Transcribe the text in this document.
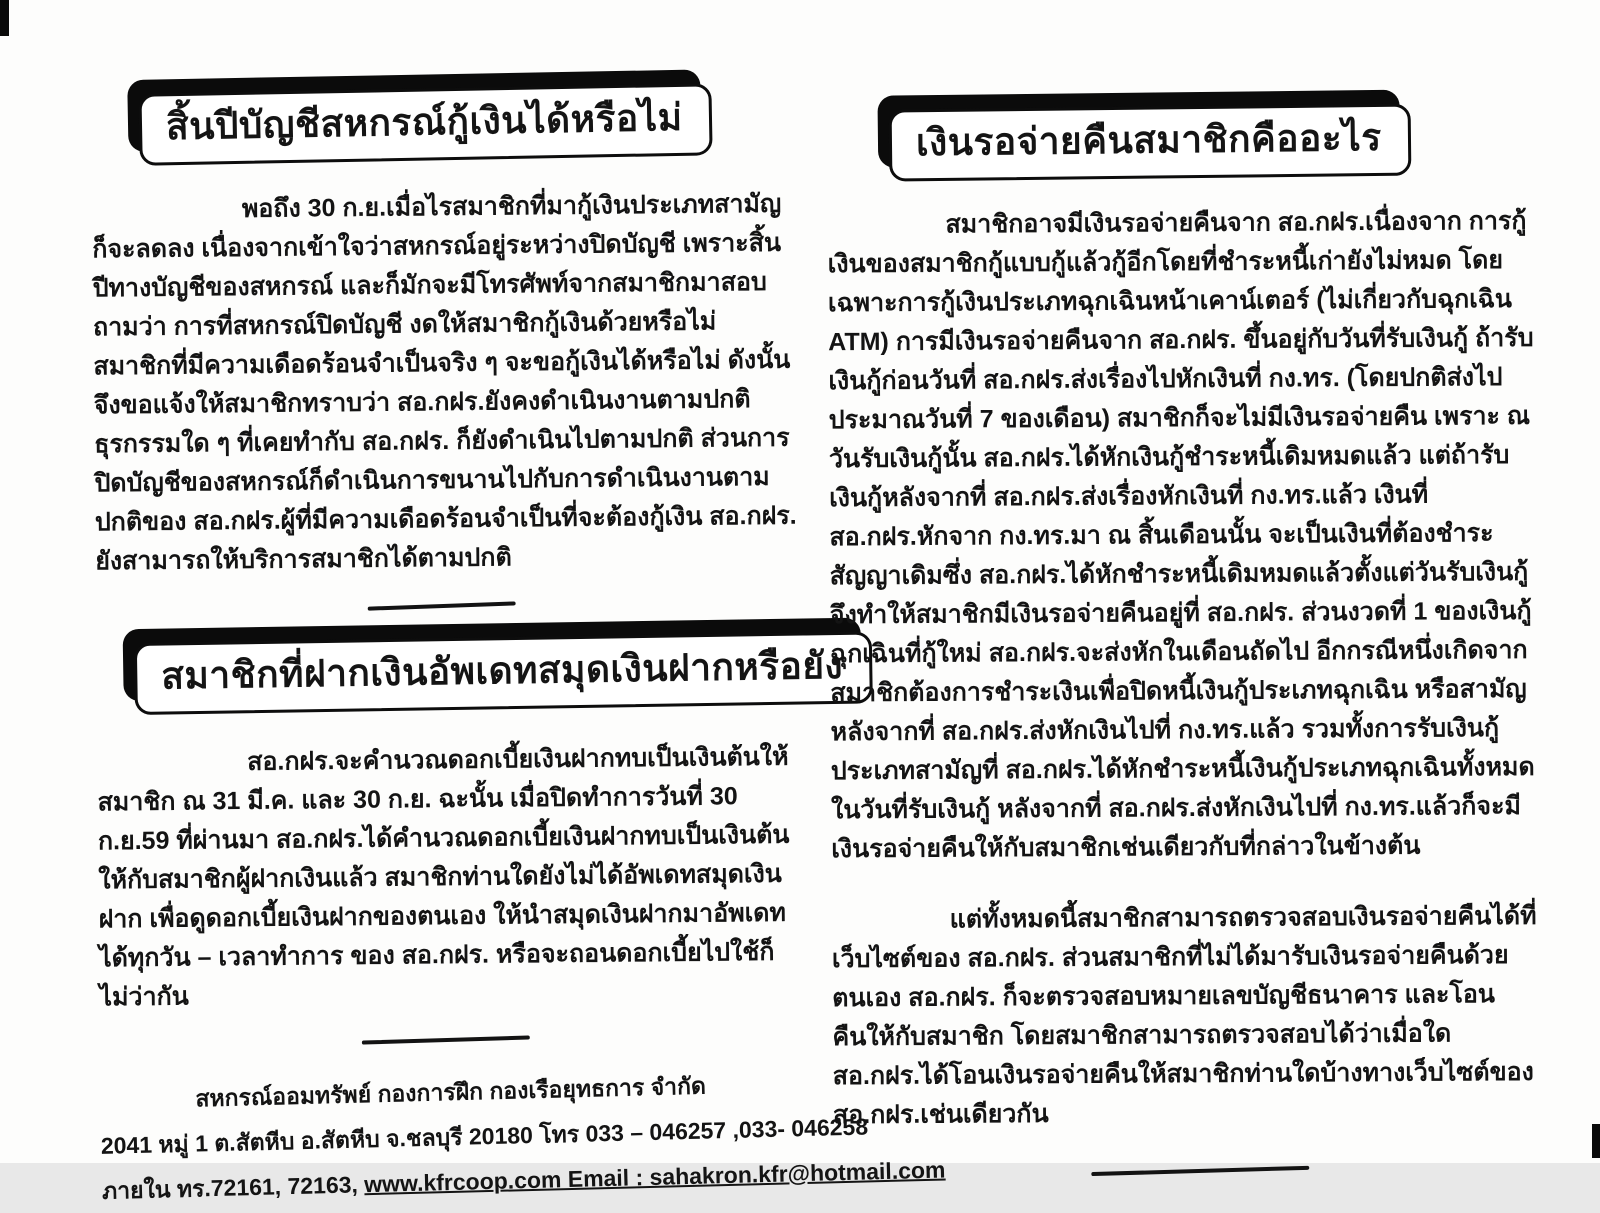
สิ้นปีบัญชีสหกรณ์กู้เงินได้หรือไม่

พอถึง 30 ก.ย.เมื่อไรสมาชิกที่มากู้เงินประเภทสามัญก็จะลดลง เนื่องจากเข้าใจว่าสหกรณ์อยู่ระหว่างปิดบัญชี เพราะสิ้นปีทางบัญชีของสหกรณ์ และก็มักจะมีโทรศัพท์จากสมาชิกมาสอบถามว่า การที่สหกรณ์ปิดบัญชี งดให้สมาชิกกู้เงินด้วยหรือไม่ สมาชิกที่มีความเดือดร้อนจำเป็นจริง ๆ จะขอกู้เงินได้หรือไม่ ดังนั้นจึงขอแจ้งให้สมาชิกทราบว่า สอ.กฝร.ยังคงดำเนินงานตามปกติ ธุรกรรมใด ๆ ที่เคยทำกับ สอ.กฝร. ก็ยังดำเนินไปตามปกติ ส่วนการปิดบัญชีของสหกรณ์ก็ดำเนินการขนานไปกับการดำเนินงานตามปกติของ สอ.กฝร.ผู้ที่มีความเดือดร้อนจำเป็นที่จะต้องกู้เงิน สอ.กฝร. ยังสามารถให้บริการสมาชิกได้ตามปกติ

สมาชิกที่ฝากเงินอัพเดทสมุดเงินฝากหรือยัง

สอ.กฝร.จะคำนวณดอกเบี้ยเงินฝากทบเป็นเงินต้นให้สมาชิก ณ 31 มี.ค. และ 30 ก.ย. ฉะนั้น เมื่อปิดทำการวันที่ 30 ก.ย.59 ที่ผ่านมา สอ.กฝร.ได้คำนวณดอกเบี้ยเงินฝากทบเป็นเงินต้นให้กับสมาชิกผู้ฝากเงินแล้ว สมาชิกท่านใดยังไม่ได้อัพเดทสมุดเงินฝาก เพื่อดูดอกเบี้ยเงินฝากของตนเอง ให้นำสมุดเงินฝากมาอัพเดทได้ทุกวัน – เวลาทำการ ของ สอ.กฝร. หรือจะถอนดอกเบี้ยไปใช้ก็ไม่ว่ากัน

สหกรณ์ออมทรัพย์ กองการฝึก กองเรือยุทธการ จำกัด
2041 หมู่ 1 ต.สัตหีบ อ.สัตหีบ จ.ชลบุรี 20180 โทร 033 – 046257 ,033- 046258
ภายใน ทร.72161, 72163, www.kfrcoop.com Email : sahakron.kfr@hotmail.com
เงินรอจ่ายคืนสมาชิกคืออะไร

สมาชิกอาจมีเงินรอจ่ายคืนจาก สอ.กฝร.เนื่องจาก การกู้เงินของสมาชิกกู้แบบกู้แล้วกู้อีกโดยที่ชำระหนี้เก่ายังไม่หมด โดยเฉพาะการกู้เงินประเภทฉุกเฉินหน้าเคาน์เตอร์ (ไม่เกี่ยวกับฉุกเฉิน ATM) การมีเงินรอจ่ายคืนจาก สอ.กฝร. ขึ้นอยู่กับวันที่รับเงินกู้ ถ้ารับเงินกู้ก่อนวันที่ สอ.กฝร.ส่งเรื่องไปหักเงินที่ กง.ทร. (โดยปกติส่งไปประมาณวันที่ 7 ของเดือน) สมาชิกก็จะไม่มีเงินรอจ่ายคืน เพราะ ณ วันรับเงินกู้นั้น สอ.กฝร.ได้หักเงินกู้ชำระหนี้เดิมหมดแล้ว แต่ถ้ารับเงินกู้หลังจากที่ สอ.กฝร.ส่งเรื่องหักเงินที่ กง.ทร.แล้ว เงินที่ สอ.กฝร.หักจาก กง.ทร.มา ณ สิ้นเดือนนั้น จะเป็นเงินที่ต้องชำระสัญญาเดิมซึ่ง สอ.กฝร.ได้หักชำระหนี้เดิมหมดแล้วตั้งแต่วันรับเงินกู้ จึงทำให้สมาชิกมีเงินรอจ่ายคืนอยู่ที่ สอ.กฝร. ส่วนงวดที่ 1 ของเงินกู้ฉุกเฉินที่กู้ใหม่ สอ.กฝร.จะส่งหักในเดือนถัดไป อีกกรณีหนึ่งเกิดจากสมาชิกต้องการชำระเงินเพื่อปิดหนี้เงินกู้ประเภทฉุกเฉิน หรือสามัญหลังจากที่ สอ.กฝร.ส่งหักเงินไปที่ กง.ทร.แล้ว รวมทั้งการรับเงินกู้ประเภทสามัญที่ สอ.กฝร.ได้หักชำระหนี้เงินกู้ประเภทฉุกเฉินทั้งหมดในวันที่รับเงินกู้ หลังจากที่ สอ.กฝร.ส่งหักเงินไปที่ กง.ทร.แล้วก็จะมีเงินรอจ่ายคืนให้กับสมาชิกเช่นเดียวกับที่กล่าวในข้างต้น

แต่ทั้งหมดนี้สมาชิกสามารถตรวจสอบเงินรอจ่ายคืนได้ที่เว็บไซต์ของ สอ.กฝร. ส่วนสมาชิกที่ไม่ได้มารับเงินรอจ่ายคืนด้วยตนเอง สอ.กฝร. ก็จะตรวจสอบหมายเลขบัญชีธนาคาร และโอนคืนให้กับสมาชิก โดยสมาชิกสามารถตรวจสอบได้ว่าเมื่อใด สอ.กฝร.ได้โอนเงินรอจ่ายคืนให้สมาชิกท่านใดบ้างทางเว็บไซต์ของ สอ.กฝร.เช่นเดียวกัน
